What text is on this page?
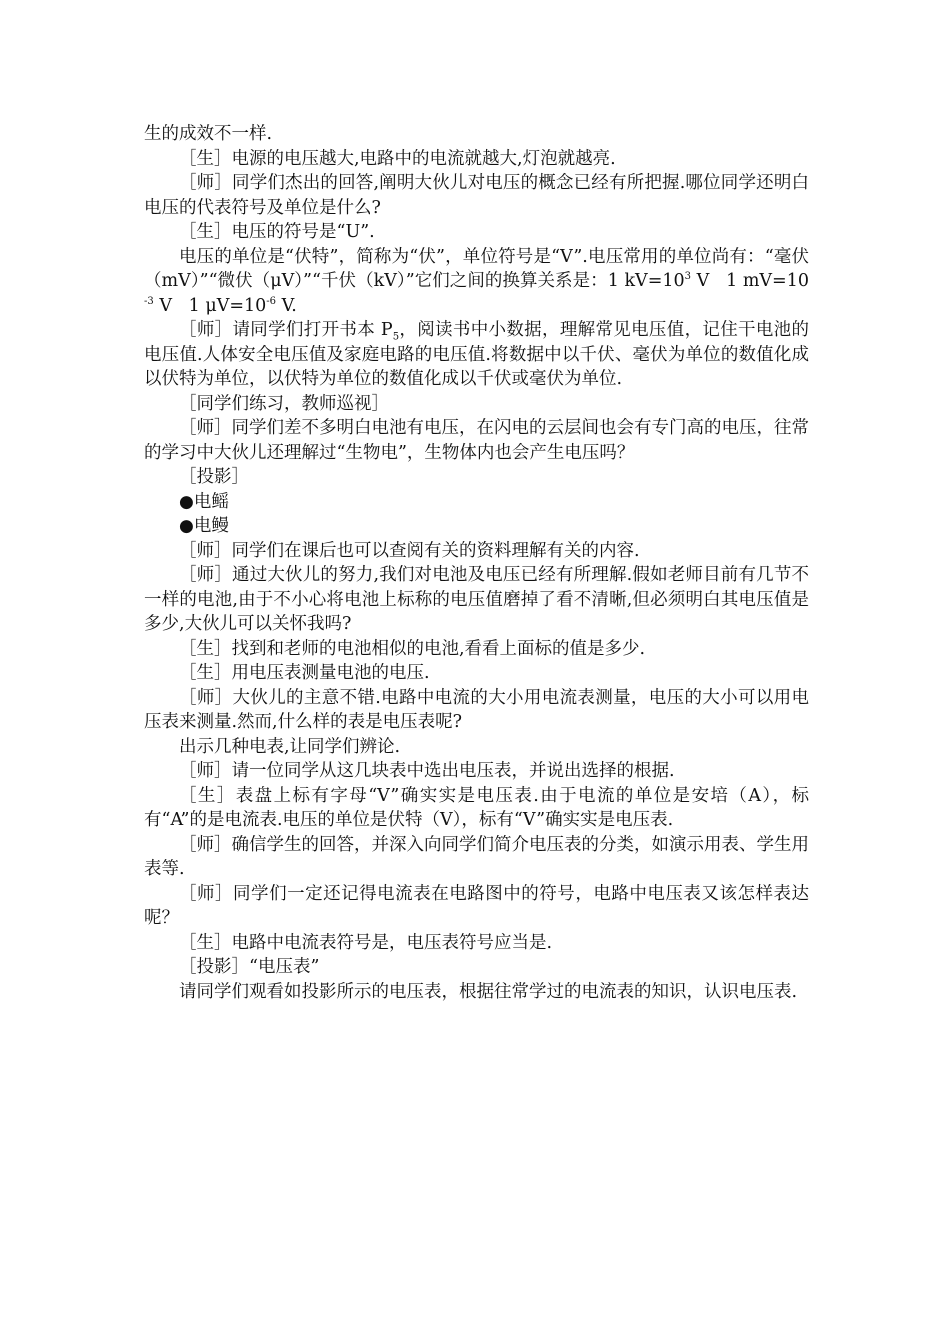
生的成效不一样.

［生］电源的电压越大,电路中的电流就越大,灯泡就越亮.

［师］同学们杰出的回答,阐明大伙儿对电压的概念已经有所把握.哪位同学还明白电压的代表符号及单位是什么?

［生］电压的符号是“U”.

电压的单位是“伏特”，简称为“伏”，单位符号是“V”.电压常用的单位尚有：“毫伏（mV）”“微伏（μV）”“千伏（kV）”它们之间的换算关系是：1 $kV=10^3$ V 1 $mV=10^{-3}$ V 1 $\mu V=10^{-6}$ V.

［师］请同学们打开书本 $P_5$，阅读书中小数据，理解常见电压值，记住干电池的电压值.人体安全电压值及家庭电路的电压值.将数据中以千伏、毫伏为单位的数值化成以伏特为单位，以伏特为单位的数值化成以千伏或毫伏为单位.

［同学们练习，教师巡视］

［师］同学们差不多明白电池有电压，在闪电的云层间也会有专门高的电压，往常的学习中大伙儿还理解过“生物电”，生物体内也会产生电压吗？

［投影］

●电鳐

●电鳗

［师］同学们在课后也可以查阅有关的资料理解有关的内容.

［师］通过大伙儿的努力,我们对电池及电压已经有所理解.假如老师目前有几节不一样的电池,由于不小心将电池上标称的电压值磨掉了看不清晰,但必须明白其电压值是多少,大伙儿可以关怀我吗?

［生］找到和老师的电池相似的电池,看看上面标的值是多少.

［生］用电压表测量电池的电压.

［师］大伙儿的主意不错.电路中电流的大小用电流表测量，电压的大小可以用电压表来测量.然而,什么样的表是电压表呢?

出示几种电表,让同学们辨论.

［师］请一位同学从这几块表中选出电压表，并说出选择的根据.

［生］表盘上标有字母“V”确实实是电压表.由于电流的单位是安培（A），标有“A”的是电流表.电压的单位是伏特（V），标有“V”确实实是电压表.

［师］确信学生的回答，并深入向同学们简介电压表的分类，如演示用表、学生用表等.

［师］同学们一定还记得电流表在电路图中的符号，电路中电压表又该怎样表达呢？

［生］电路中电流表符号是，电压表符号应当是.

［投影］“电压表”

请同学们观看如投影所示的电压表，根据往常学过的电流表的知识，认识电压表.
